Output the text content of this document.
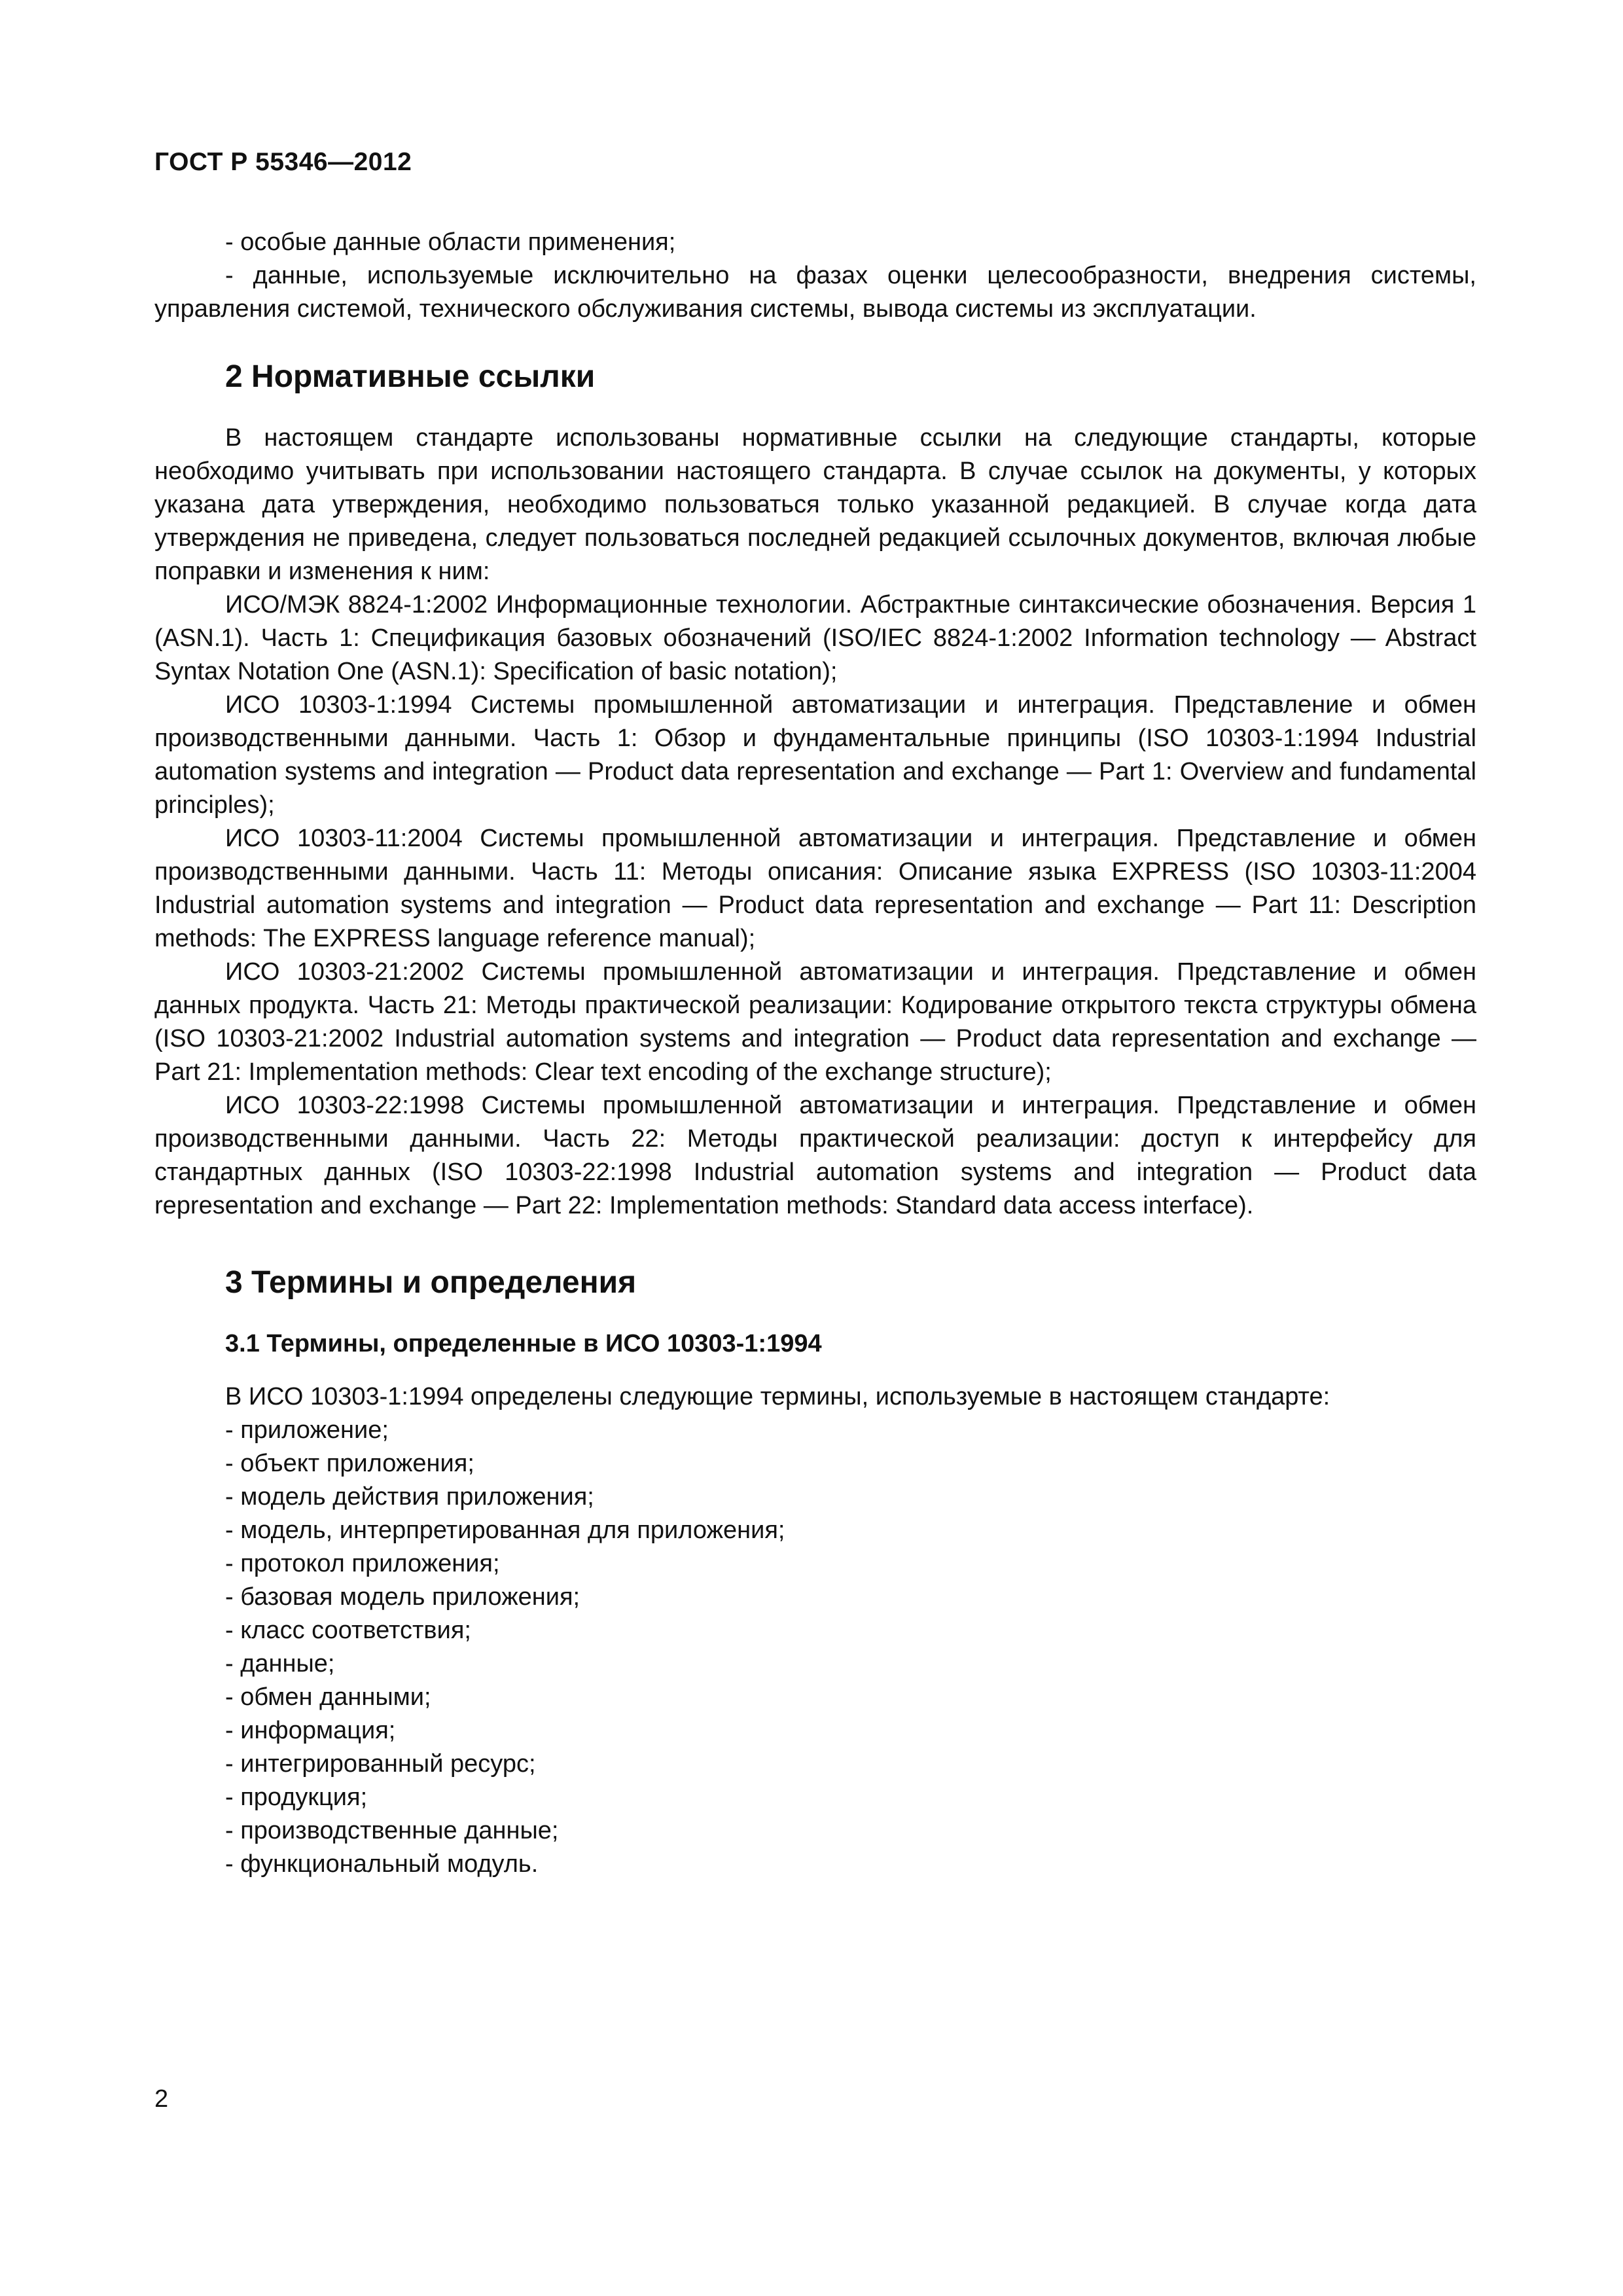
ГОСТ Р 55346—2012

- особые данные области применения;

- данные, используемые исключительно на фазах оценки целесообразности, внедрения системы, управления системой, технического обслуживания системы, вывода системы из эксплуатации.

2 Нормативные ссылки

В настоящем стандарте использованы нормативные ссылки на следующие стандарты, которые необходимо учитывать при использовании настоящего стандарта. В случае ссылок на документы, у которых указана дата утверждения, необходимо пользоваться только указанной редакцией. В случае когда дата утверждения не приведена, следует пользоваться последней редакцией ссылочных документов, включая любые поправки и изменения к ним:

ИСО/МЭК 8824-1:2002 Информационные технологии. Абстрактные синтаксические обозначения. Версия 1 (ASN.1). Часть 1: Спецификация базовых обозначений (ISO/IEC 8824-1:2002 Information technology — Abstract Syntax Notation One (ASN.1): Specification of basic notation);

ИСО 10303-1:1994 Системы промышленной автоматизации и интеграция. Представление и обмен производственными данными. Часть 1: Обзор и фундаментальные принципы (ISO 10303-1:1994 Industrial automation systems and integration — Product data representation and exchange — Part 1: Overview and fundamental principles);

ИСО 10303-11:2004 Системы промышленной автоматизации и интеграция. Представление и обмен производственными данными. Часть 11: Методы описания: Описание языка EXPRESS (ISO 10303-11:2004 Industrial automation systems and integration — Product data representation and exchange — Part 11: Description methods: The EXPRESS language reference manual);

ИСО 10303-21:2002 Системы промышленной автоматизации и интеграция. Представление и обмен данных продукта. Часть 21: Методы практической реализации: Кодирование открытого текста структуры обмена (ISO 10303-21:2002 Industrial automation systems and integration — Product data representation and exchange — Part 21: Implementation methods: Clear text encoding of the exchange structure);

ИСО 10303-22:1998 Системы промышленной автоматизации и интеграция. Представление и обмен производственными данными. Часть 22: Методы практической реализации: доступ к интерфейсу для стандартных данных (ISO 10303-22:1998 Industrial automation systems and integration — Product data representation and exchange — Part 22: Implementation methods: Standard data access interface).

3 Термины и определения
3.1 Термины, определенные в ИСО 10303-1:1994

В ИСО 10303-1:1994 определены следующие термины, используемые в настоящем стандарте:

- приложение;

- объект приложения;

- модель действия приложения;

- модель, интерпретированная для приложения;

- протокол приложения;

- базовая модель приложения;

- класс соответствия;

- данные;

- обмен данными;

- информация;

- интегрированный ресурс;

- продукция;

- производственные данные;

- функциональный модуль.

2
